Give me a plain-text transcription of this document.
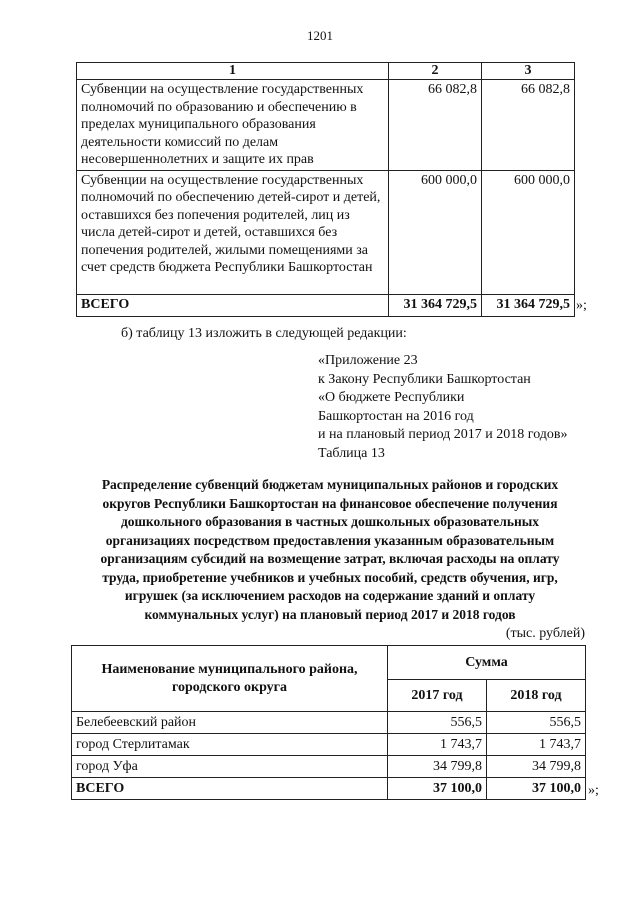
1201
1	2	3
Субвенции на осуществление государственных полномочий по образованию и обеспечению в пределах муниципального образования деятельности комиссий по делам несовершеннолетних и защите их прав	66 082,8	66 082,8
Субвенции на осуществление государственных полномочий по обеспечению детей-сирот и детей, оставшихся без попечения родителей, лиц из числа детей-сирот и детей, оставшихся без попечения родителей, жилыми помещениями за счет средств бюджета Республики Башкортостан	600 000,0	600 000,0
ВСЕГО	31 364 729,5	31 364 729,5 »;
б) таблицу 13 изложить в следующей редакции:
«Приложение 23
к Закону Республики Башкортостан
«О бюджете Республики
Башкортостан на 2016 год
и на плановый период 2017 и 2018 годов»
Таблица 13
Распределение субвенций бюджетам муниципальных районов и городских
округов Республики Башкортостан на финансовое обеспечение получения
дошкольного образования в частных дошкольных образовательных
организациях посредством предоставления указанным образовательным
организациям субсидий на возмещение затрат, включая расходы на оплату
труда, приобретение учебников и учебных пособий, средств обучения, игр,
игрушек (за исключением расходов на содержание зданий и оплату
коммунальных услуг) на плановый период 2017 и 2018 годов
(тыс. рублей)
Наименование муниципального района, городского округа	Сумма	
	2017 год	2018 год
Белебеевский район	556,5	556,5
город Стерлитамак	1 743,7	1 743,7
город Уфа	34 799,8	34 799,8
ВСЕГО	37 100,0	37 100,0 »;
